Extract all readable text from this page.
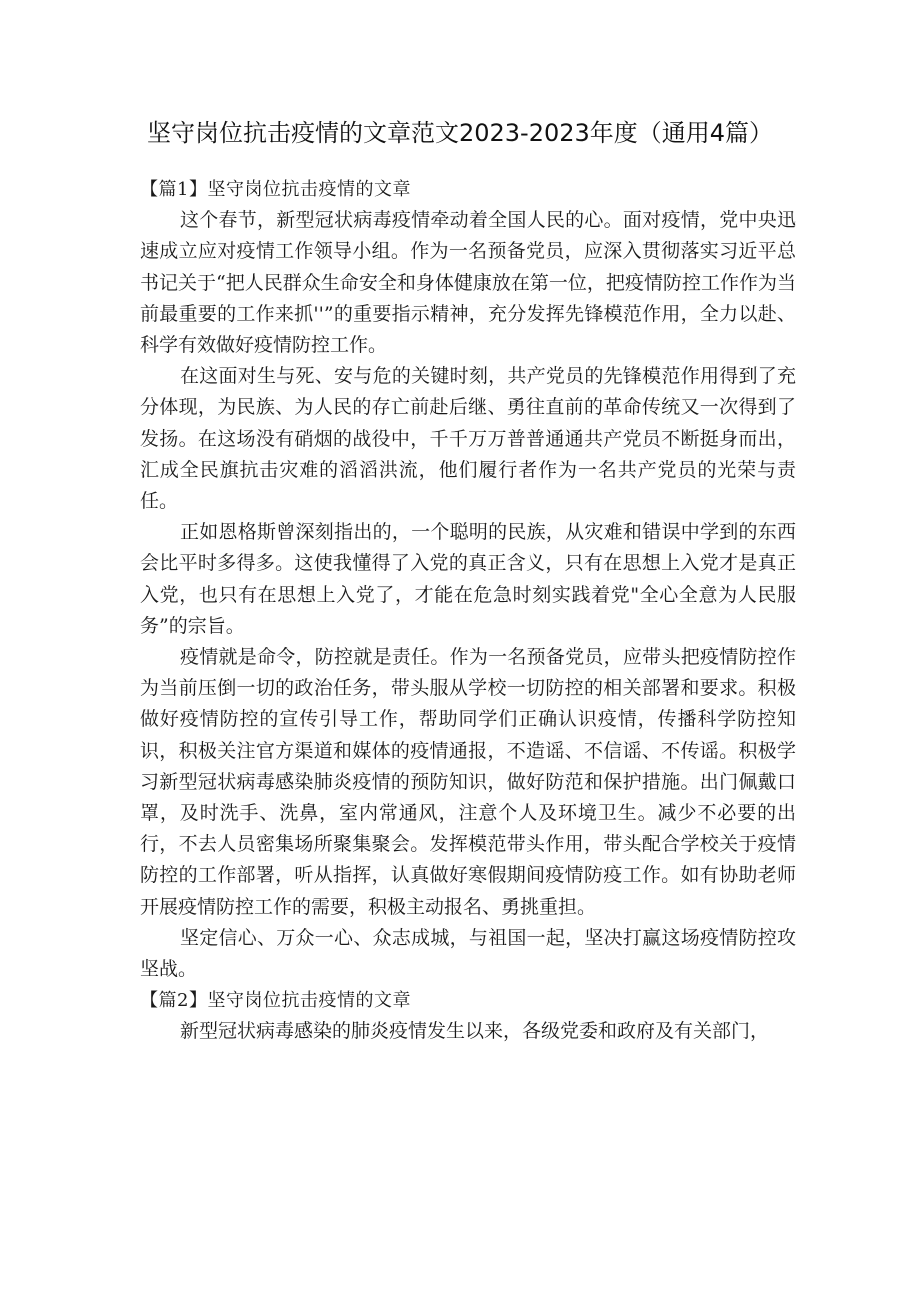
坚守岗位抗击疫情的文章范文2023-2023年度（通用4篇）

【篇1】坚守岗位抗击疫情的文章

这个春节，新型冠状病毒疫情牵动着全国人民的心。面对疫情，党中央迅速成立应对疫情工作领导小组。作为一名预备党员，应深入贯彻落实习近平总书记关于“把人民群众生命安全和身体健康放在第一位，把疫情防控工作作为当前最重要的工作来抓''”的重要指示精神，充分发挥先锋模范作用，全力以赴、科学有效做好疫情防控工作。

在这面对生与死、安与危的关键时刻，共产党员的先锋模范作用得到了充分体现，为民族、为人民的存亡前赴后继、勇往直前的革命传统又一次得到了发扬。在这场没有硝烟的战役中，千千万万普普通通共产党员不断挺身而出，汇成全民旗抗击灾难的滔滔洪流，他们履行者作为一名共产党员的光荣与责任。

正如恩格斯曾深刻指出的，一个聪明的民族，从灾难和错误中学到的东西会比平时多得多。这使我懂得了入党的真正含义，只有在思想上入党才是真正入党，也只有在思想上入党了，才能在危急时刻实践着党"全心全意为人民服务”的宗旨。

疫情就是命令，防控就是责任。作为一名预备党员，应带头把疫情防控作为当前压倒一切的政治任务，带头服从学校一切防控的相关部署和要求。积极做好疫情防控的宣传引导工作，帮助同学们正确认识疫情，传播科学防控知识，积极关注官方渠道和媒体的疫情通报，不造谣、不信谣、不传谣。积极学习新型冠状病毒感染肺炎疫情的预防知识，做好防范和保护措施。出门佩戴口罩，及时洗手、洗鼻，室内常通风，注意个人及环境卫生。减少不必要的出行，不去人员密集场所聚集聚会。发挥模范带头作用，带头配合学校关于疫情防控的工作部署，听从指挥，认真做好寒假期间疫情防疫工作。如有协助老师开展疫情防控工作的需要，积极主动报名、勇挑重担。

坚定信心、万众一心、众志成城，与祖国一起，坚决打赢这场疫情防控攻坚战。

【篇2】坚守岗位抗击疫情的文章

新型冠状病毒感染的肺炎疫情发生以来，各级党委和政府及有关部门，
